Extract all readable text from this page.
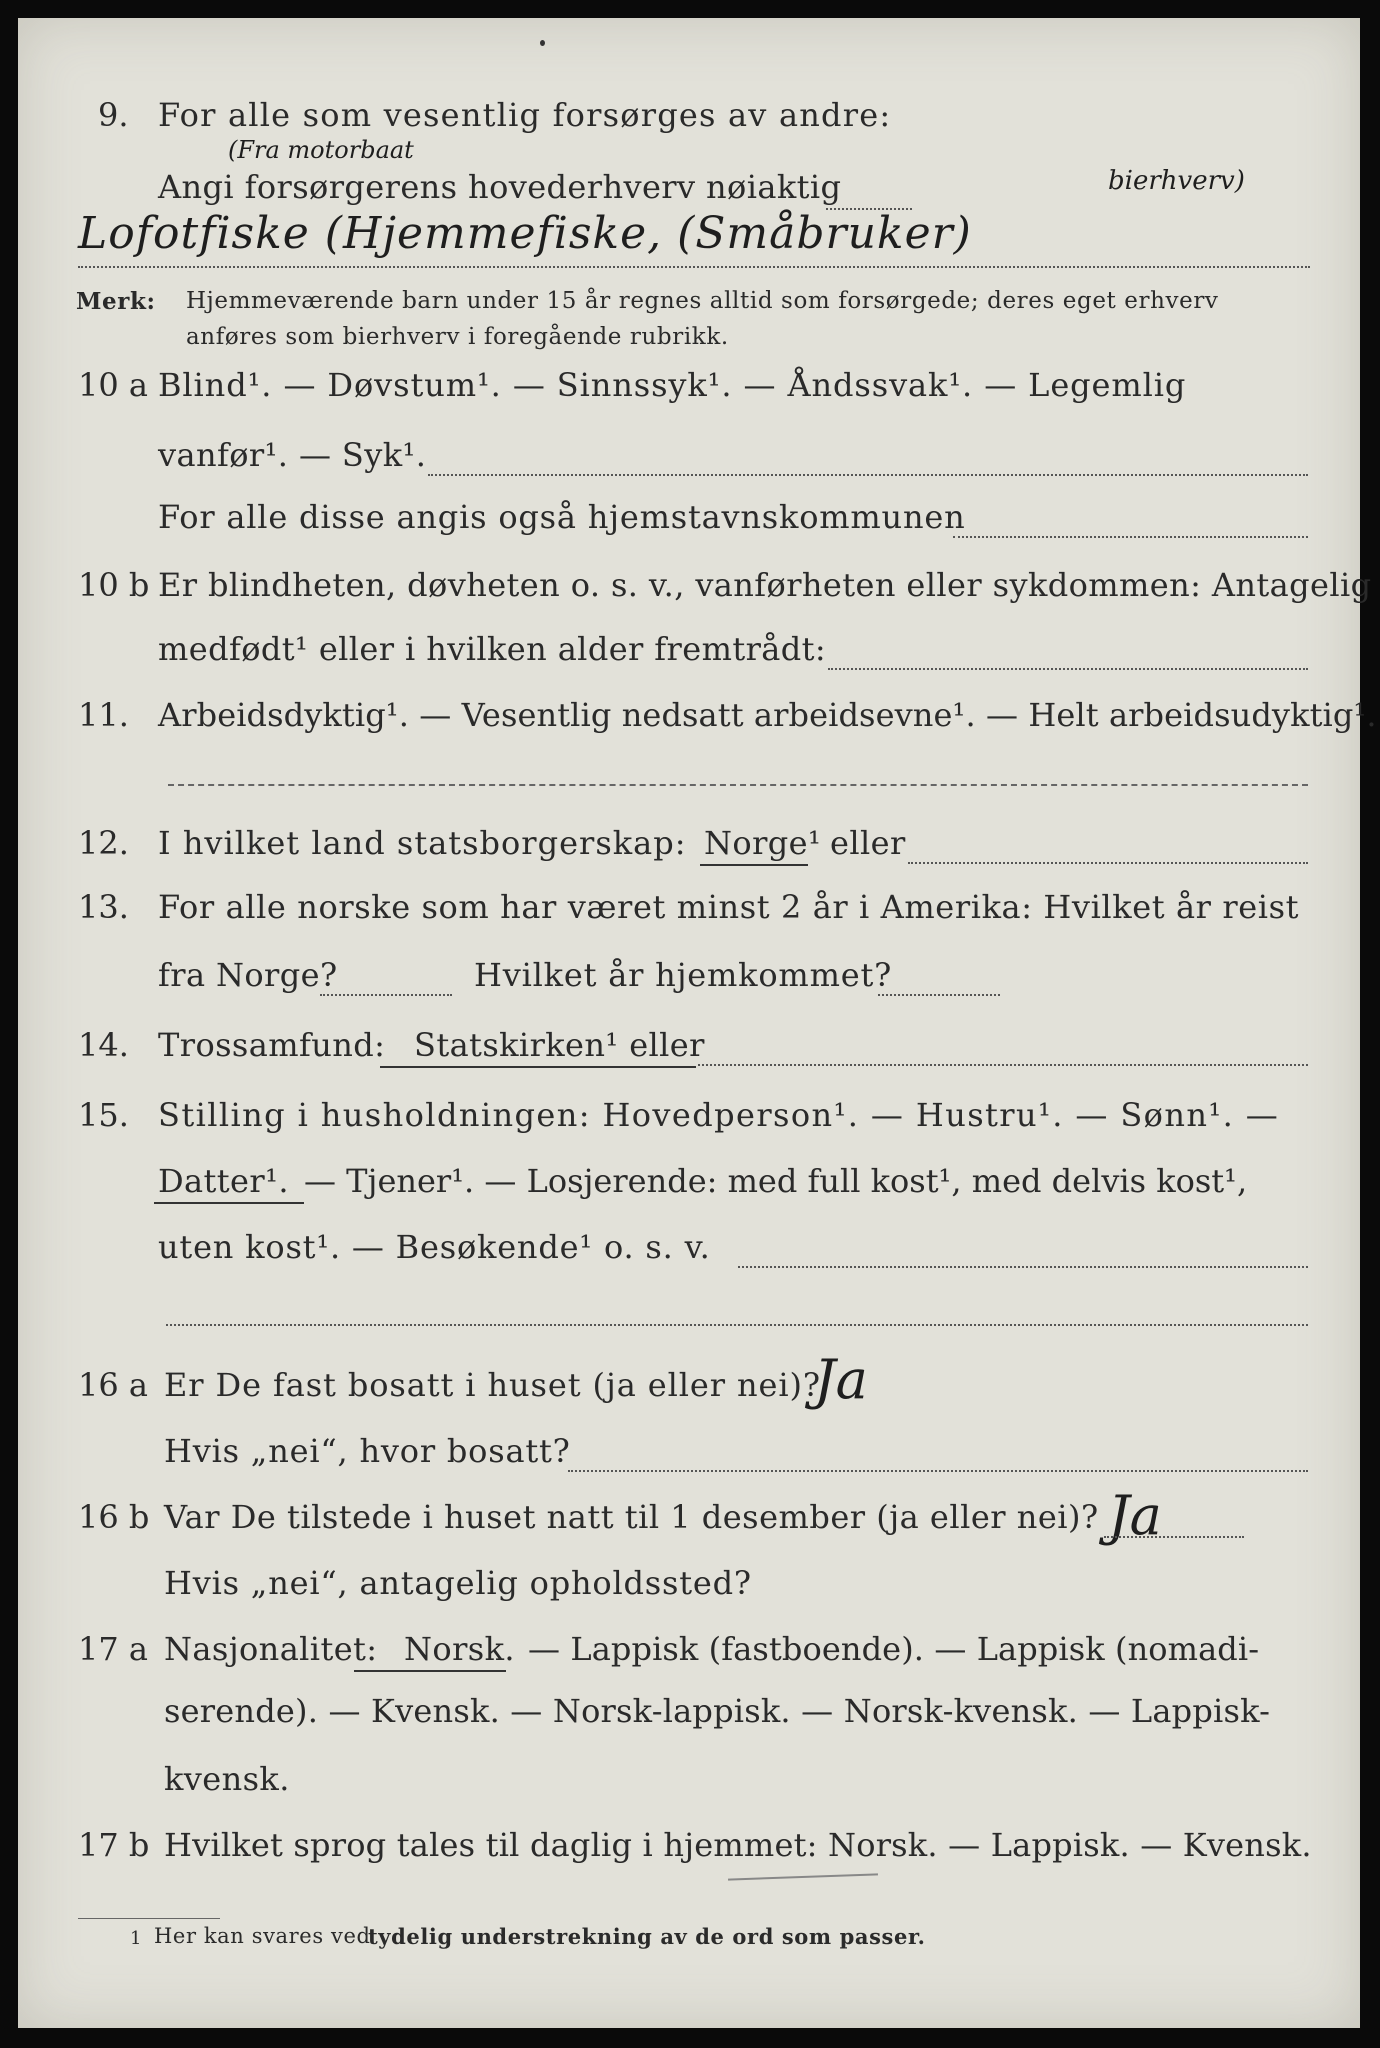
9. For alle som vesentlig forsørges av andre:
(Fra motorbaat
Angi forsørgerens hovederhverv nøiaktig	bierhverv)
Lofotfiske (Hjemmefiske, (Småbruker)
Merk: Hjemmeværende barn under 15 år regnes alltid som forsørgede; deres eget erhverv
anføres som bierhverv i foregående rubrikk.
10 a Blind¹. — Døvstum¹. — Sinnssyk¹. — Åndssvak¹. — Legemlig
vanfør¹. — Syk¹.
For alle disse angis også hjemstavnskommunen
10 b Er blindheten, døvheten o. s. v., vanførheten eller sykdommen: Antagelig
medfødt¹ eller i hvilken alder fremtrådt:
11. Arbeidsdyktig¹. — Vesentlig nedsatt arbeidsevne¹. — Helt arbeidsudyktig¹.
12. I hvilket land statsborgerskap: Norge¹ eller
13. For alle norske som har været minst 2 år i Amerika: Hvilket år reist
fra Norge?	Hvilket år hjemkommet?
14. Trossamfund: Statskirken¹ eller
15. Stilling i husholdningen: Hovedperson¹. — Hustru¹. — Sønn¹. —
Datter¹. — Tjener¹. — Losjerende: med full kost¹, med delvis kost¹,
uten kost¹. — Besøkende¹ o. s. v.
16 a Er De fast bosatt i huset (ja eller nei)?
Ja
Hvis „nei“, hvor bosatt?
16 b Var De tilstede i huset natt til 1 desember (ja eller nei)? Ja
Hvis „nei“, antagelig opholdssted?
17 a Nasjonalitet: Norsk. — Lappisk (fastboende). — Lappisk (nomadi-
serende). — Kvensk. — Norsk-lappisk. — Norsk-kvensk. — Lappisk-
kvensk.
17 b Hvilket sprog tales til daglig i hjemmet: Norsk. — Lappisk. — Kvensk.
1 Her kan svares ved
tydelig understrekning av de ord som passer.
